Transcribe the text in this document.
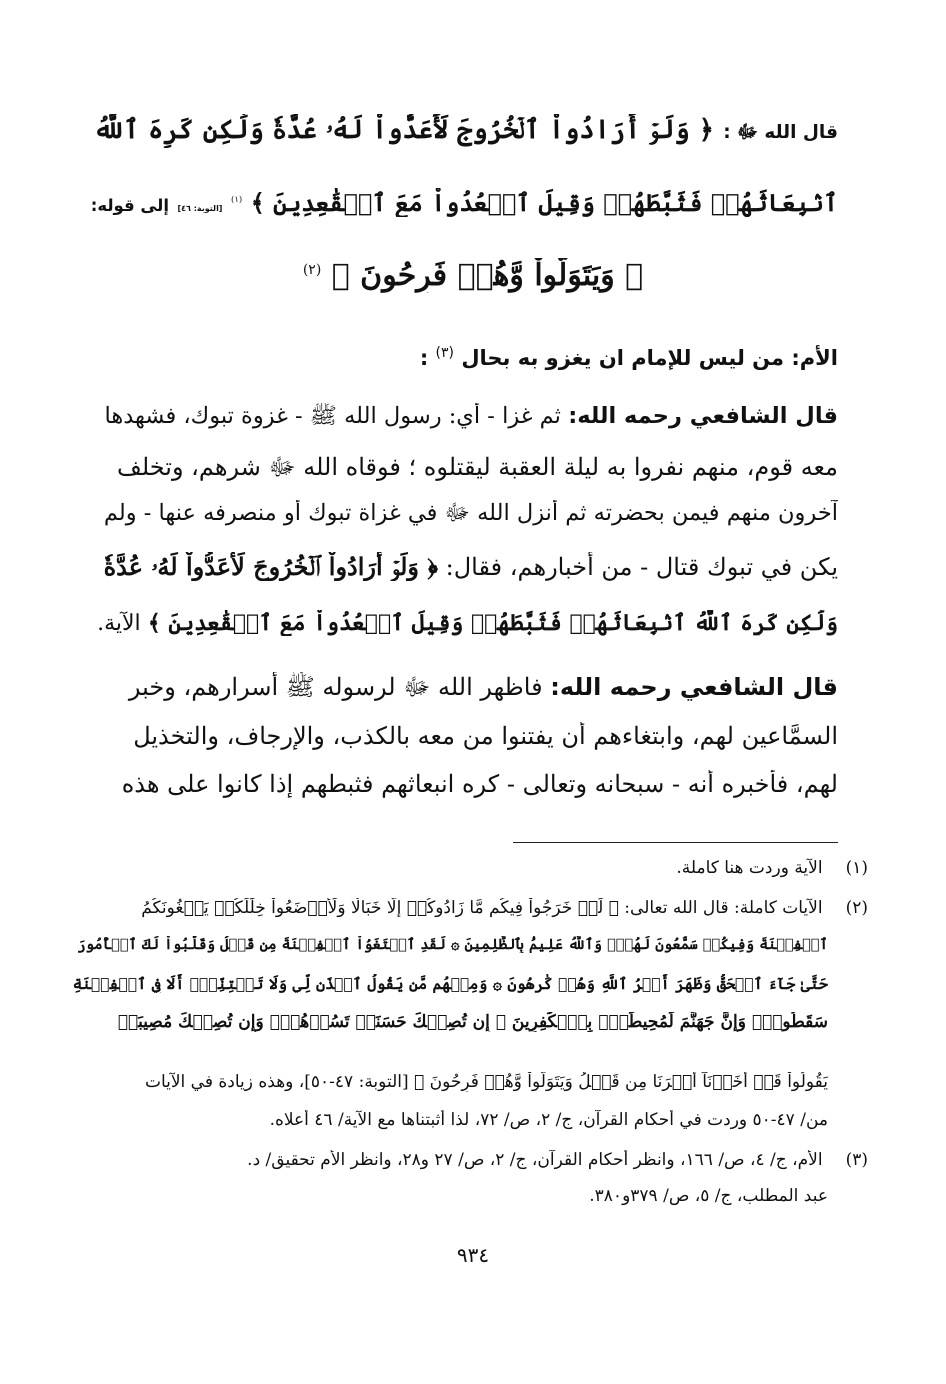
قال الله ﷻ : ﴿ وَلَوۡ أَرَادُواْ ٱلۡخُرُوجَ لَأَعَدُّواْ لَهُۥ عُدَّةٗ وَلَٰكِن كَرِهَ ٱللَّهُ
ٱنۢبِعَاثَهُمۡ فَثَبَّطَهُمۡ وَقِيلَ ٱقۡعُدُواْ مَعَ ٱلۡقَٰعِدِينَ ﴾ $^{(١)}$ [التوبة: ٤٦] إلى قوله:
﴿ وَيَتَوَلَّواْ وَّهُمۡ فَرِحُونَ ﴾ $^{(٢)}$
الأم: من ليس للإمام ان يغزو به بحال $^{(٣)}$ :
قال الشافعي رحمه الله: ثم غزا - أي: رسول الله ﷺ - غزوة تبوك، فشهدها
معه قوم، منهم نفروا به ليلة العقبة ليقتلوه ؛ فوقاه الله ﷻ شرهم، وتخلف
آخرون منهم فيمن بحضرته ثم أنزل الله ﷻ في غزاة تبوك أو منصرفه عنها - ولم
يكن في تبوك قتال - من أخبارهم، فقال: ﴿ وَلَوۡ أَرَادُواْ ٱلۡخُرُوجَ لَأَعَدُّواْ لَهُۥ عُدَّةٗ
وَلَٰكِن كَرِهَ ٱللَّهُ ٱنۢبِعَاثَهُمۡ فَثَبَّطَهُمۡ وَقِيلَ ٱقۡعُدُواْ مَعَ ٱلۡقَٰعِدِينَ ﴾ الآية.
قال الشافعي رحمه الله: فاظهر الله ﷻ لرسوله ﷺ أسرارهم، وخبر
السمَّاعين لهم، وابتغاءهم أن يفتنوا من معه بالكذب، والإرجاف، والتخذيل
لهم، فأخبره أنه - سبحانه وتعالى - كره انبعاثهم فثبطهم إذا كانوا على هذه
(١) الآية وردت هنا كاملة.
(٢) الآيات كاملة: قال الله تعالى: ﴿ لَوۡ خَرَجُواْ فِيكُم مَّا زَادُوكُمۡ إِلَّا خَبَالٗا وَلَأَوۡضَعُواْ خِلَٰلَكُمۡ يَبۡغُونَكُمُ
ٱلۡفِتۡنَةَ وَفِيكُمۡ سَمَّٰعُونَ لَهُمۡۗ وَٱللَّهُ عَلِيمُۢ بِٱلظَّٰلِمِينَ ۞ لَقَدِ ٱبۡتَغَوُاْ ٱلۡفِتۡنَةَ مِن قَبۡلُ وَقَلَّبُواْ لَكَ ٱلۡأُمُورَ
حَتَّىٰ جَآءَ ٱلۡحَقُّ وَظَهَرَ أَمۡرُ ٱللَّهِ وَهُمۡ كَٰرِهُونَ ۞ وَمِنۡهُم مَّن يَقُولُ ٱئۡذَن لِّي وَلَا تَفۡتِنِّيٓۚ أَلَا فِي ٱلۡفِتۡنَةِ
سَقَطُواْۗ وَإِنَّ جَهَنَّمَ لَمُحِيطَةُۢ بِٱلۡكَٰفِرِينَ ۞ إِن تُصِبۡكَ حَسَنَةٞ تَسُؤۡهُمۡۖ وَإِن تُصِبۡكَ مُصِيبَةٞ
يَقُولُواْ قَدۡ أَخَذۡنَآ أَمۡرَنَا مِن قَبۡلُ وَيَتَوَلَّواْ وَّهُمۡ فَرِحُونَ ﴾ [التوبة: ٤٧-٥٠]، وهذه زيادة في الآيات
من/ ٤٧-٥٠ وردت في أحكام القرآن، ج/ ٢، ص/ ٧٢، لذا أثبتناها مع الآية/ ٤٦ أعلاه.
(٣) الأم، ج/ ٤، ص/ ١٦٦، وانظر أحكام القرآن، ج/ ٢، ص/ ٢٧ و٢٨، وانظر الأم تحقيق/ د.
عبد المطلب، ج/ ٥، ص/ ٣٧٩و٣٨٠.
٩٣٤
